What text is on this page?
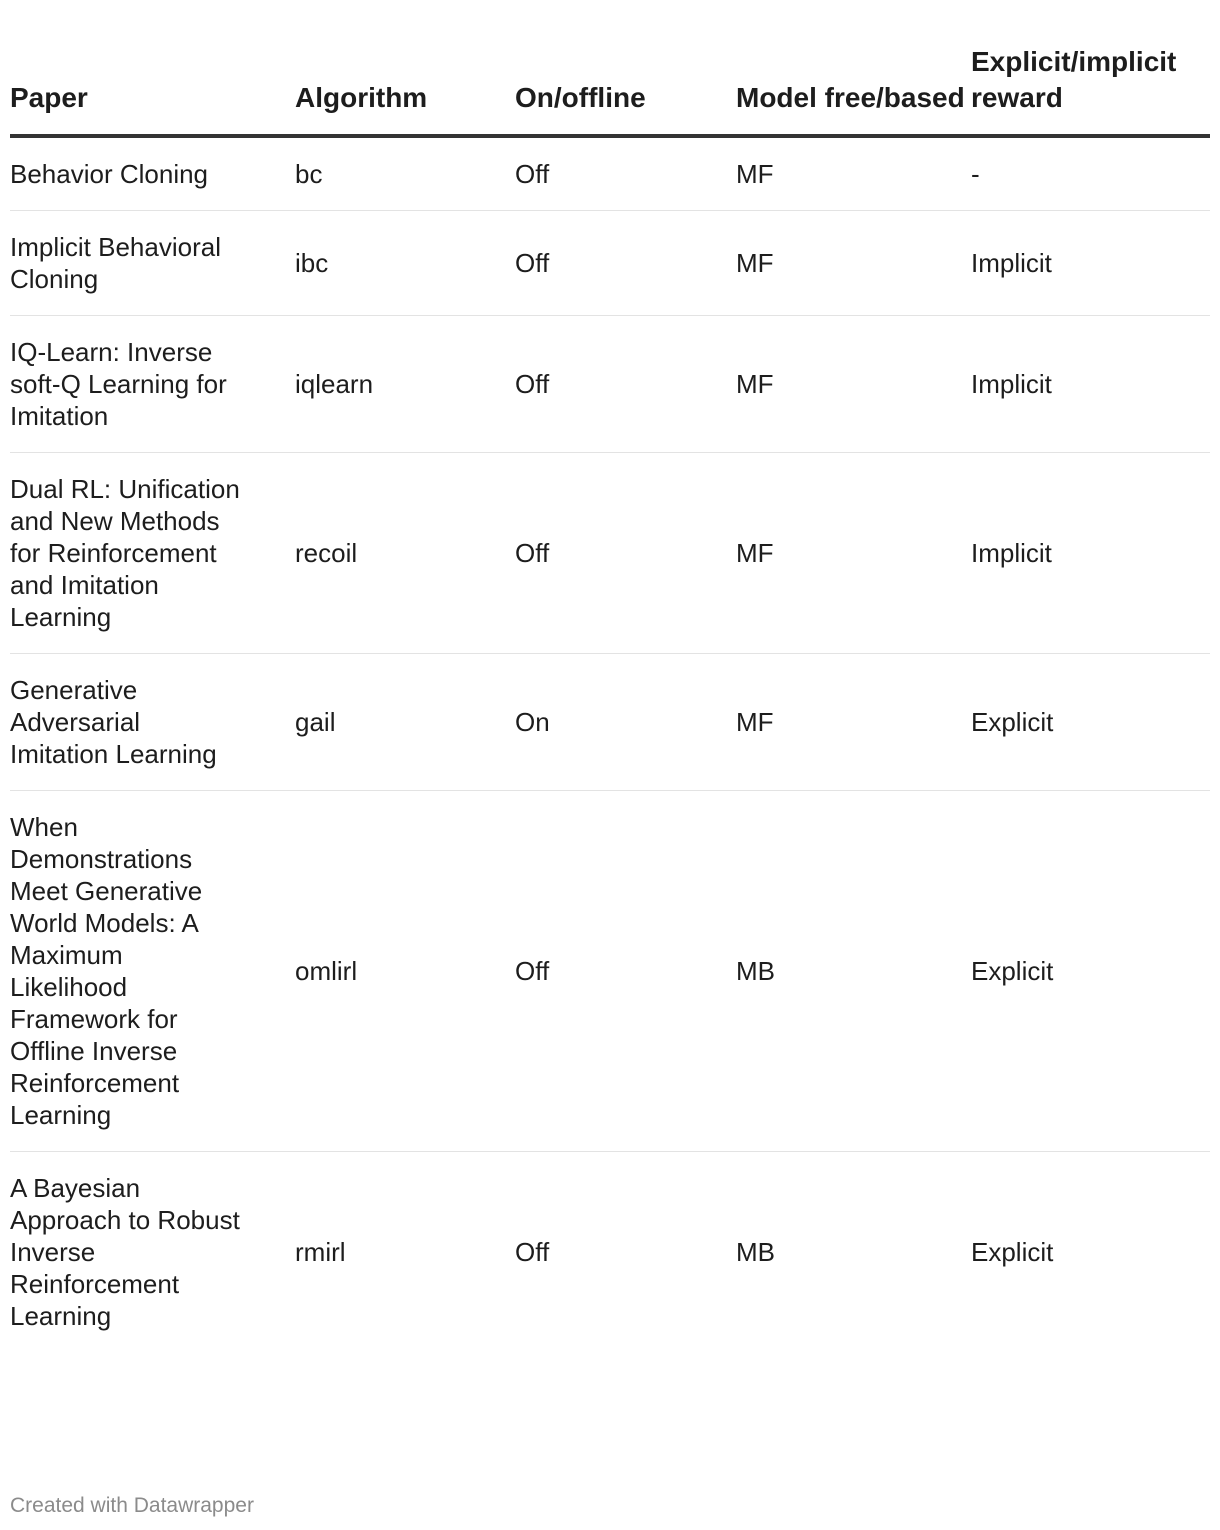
Paper	Algorithm	On/offline	Model free/based	Explicit/implicit reward
Behavior Cloning	bc	Off	MF	-
Implicit Behavioral Cloning	ibc	Off	MF	Implicit
IQ-Learn: Inverse soft-Q Learning for Imitation	iqlearn	Off	MF	Implicit
Dual RL: Unification and New Methods for Reinforcement and Imitation Learning	recoil	Off	MF	Implicit
Generative Adversarial Imitation Learning	gail	On	MF	Explicit
When Demonstrations Meet Generative World Models: A Maximum Likelihood Framework for Offline Inverse Reinforcement Learning	omlirl	Off	MB	Explicit
A Bayesian Approach to Robust Inverse Reinforcement Learning	rmirl	Off	MB	Explicit
Created with Datawrapper
